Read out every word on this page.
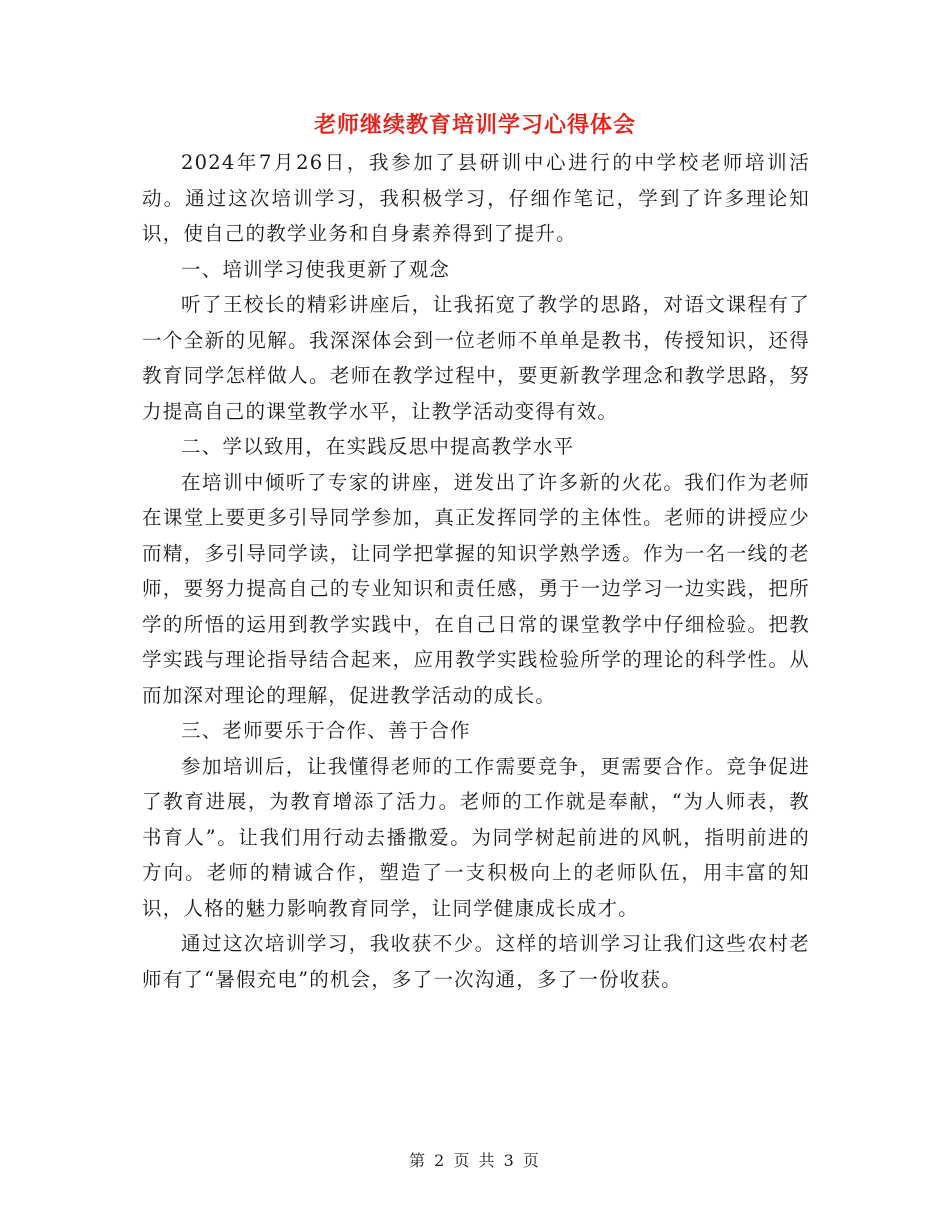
老师继续教育培训学习心得体会

2024年7月26日，我参加了县研训中心进行的中学校老师培训活动。通过这次培训学习，我积极学习，仔细作笔记，学到了许多理论知识，使自己的教学业务和自身素养得到了提升。

一、培训学习使我更新了观念

听了王校长的精彩讲座后，让我拓宽了教学的思路，对语文课程有了一个全新的见解。我深深体会到一位老师不单单是教书，传授知识，还得教育同学怎样做人。老师在教学过程中，要更新教学理念和教学思路，努力提高自己的课堂教学水平，让教学活动变得有效。

二、学以致用，在实践反思中提高教学水平

在培训中倾听了专家的讲座，迸发出了许多新的火花。我们作为老师在课堂上要更多引导同学参加，真正发挥同学的主体性。老师的讲授应少而精，多引导同学读，让同学把掌握的知识学熟学透。作为一名一线的老师，要努力提高自己的专业知识和责任感，勇于一边学习一边实践，把所学的所悟的运用到教学实践中，在自己日常的课堂教学中仔细检验。把教学实践与理论指导结合起来，应用教学实践检验所学的理论的科学性。从而加深对理论的理解，促进教学活动的成长。

三、老师要乐于合作、善于合作

参加培训后，让我懂得老师的工作需要竞争，更需要合作。竞争促进了教育进展，为教育增添了活力。老师的工作就是奉献，“为人师表，教书育人”。让我们用行动去播撒爱。为同学树起前进的风帆，指明前进的方向。老师的精诚合作，塑造了一支积极向上的老师队伍，用丰富的知识，人格的魅力影响教育同学，让同学健康成长成才。

通过这次培训学习，我收获不少。这样的培训学习让我们这些农村老师有了“暑假充电”的机会，多了一次沟通，多了一份收获。

第 2 页 共 3 页
